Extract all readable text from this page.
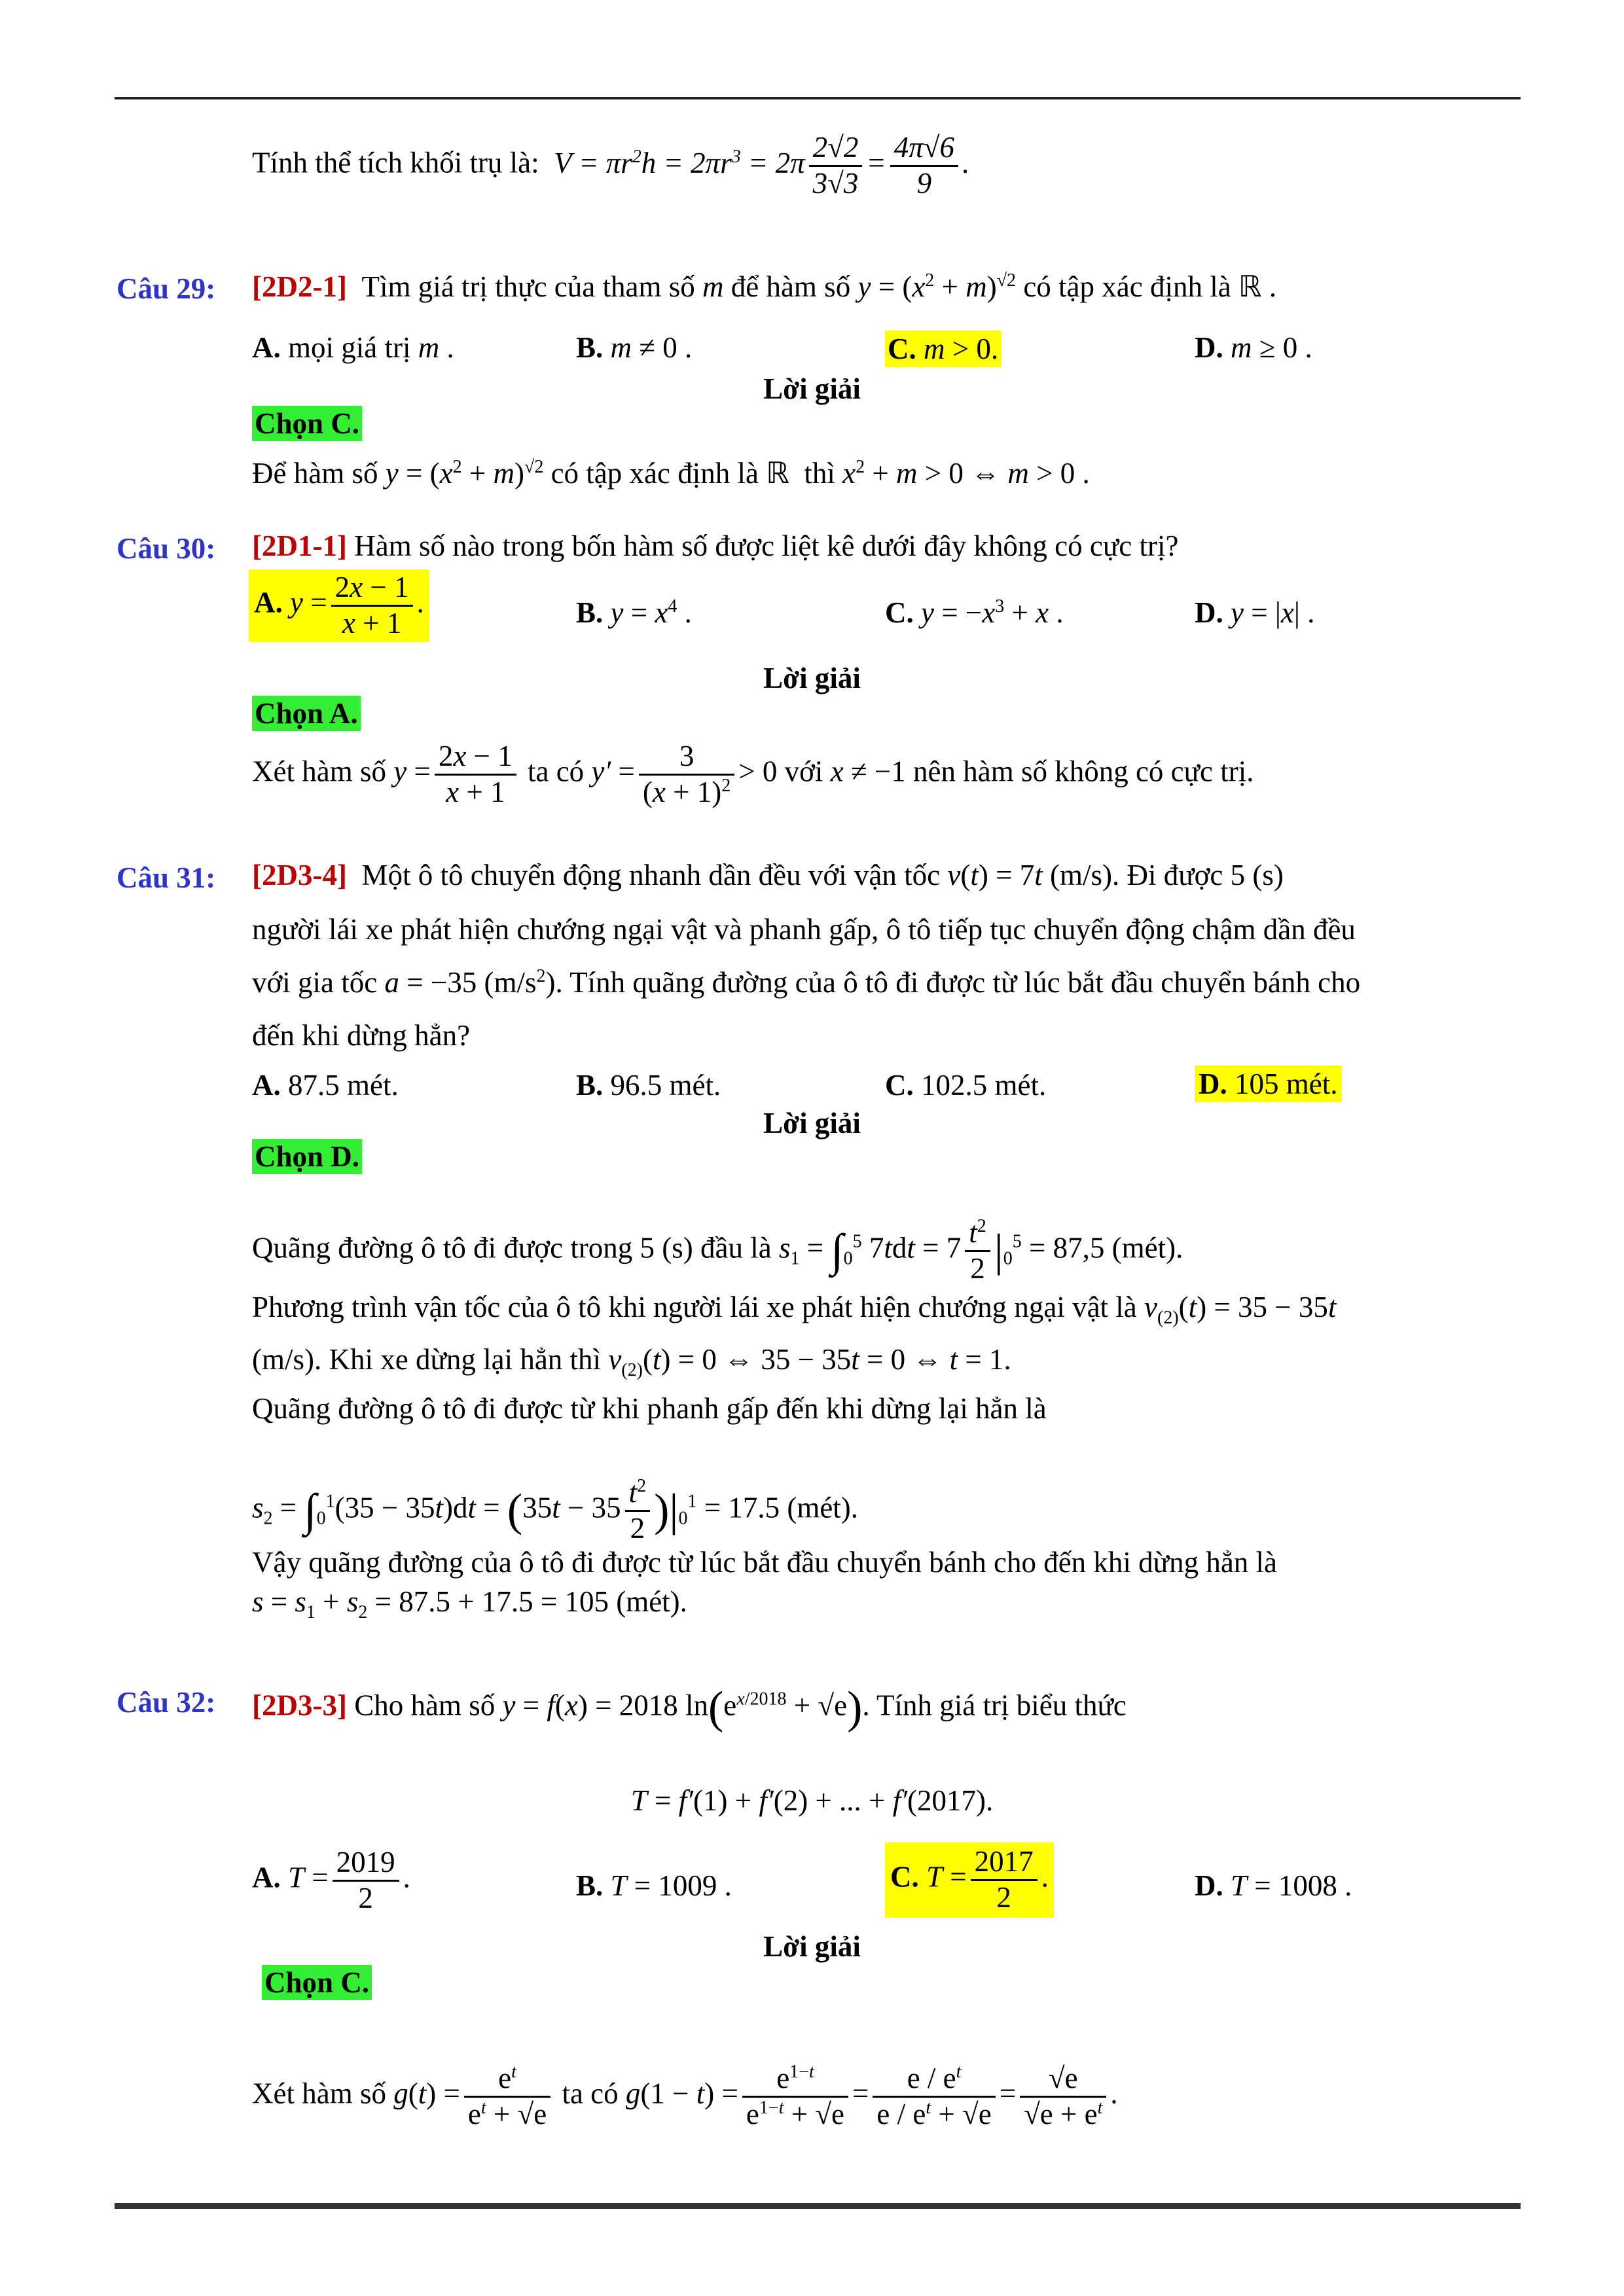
Tính thể tích khối trụ là:  $V = \pi r^2h = 2\pi r^3 = 2\pi \frac{2√2}{3√3} = \frac{4\pi√6}{9}$ .
Câu 29: [2D2-1]  Tìm giá trị thực của tham số m để hàm số $y = (x^2 + m)^{√2}$ có tập xác định là ℝ .
A. mọi giá trị m .	B. m ≠ 0 .	C. m > 0.	D. m ≥ 0 .
Lời giải
Chọn C.
Để hàm số $y = (x^2 + m)^{√2}$ có tập xác định là ℝ  thì $x^2 + m > 0$ ⇔ m > 0 .
Câu 30: [2D1-1] Hàm số nào trong bốn hàm số được liệt kê dưới đây không có cực trị?
A. $y = \frac{2x - 1}{x + 1}$ .	B. $y = x^4$ .	C. $y = -x^3 + x$ .	D. y = |x| .
Lời giải
Chọn A.
Xét hàm số $y = \frac{2x - 1}{x + 1}$ ta có $y' = \frac{3}{(x + 1)^2} > 0$ với x ≠ −1 nên hàm số không có cực trị.
Câu 31: [2D3-4]  Một ô tô chuyển động nhanh dần đều với vận tốc v(t) = 7t (m/s). Đi được 5 (s)
người lái xe phát hiện chướng ngại vật và phanh gấp, ô tô tiếp tục chuyển động chậm dần đều
với gia tốc a = −35 $(m/s^2)$. Tính quãng đường của ô tô đi được từ lúc bắt đầu chuyển bánh cho
đến khi dừng hẳn?
A. 87.5 mét.	B. 96.5 mét.	C. 102.5 mét.	D. 105 mét.
Lời giải
Chọn D.
Quãng đường ô tô đi được trong 5 (s) đầu là $s_1 = \int_0^5$ $7tdt = 7 \frac{t^2}{2} |_0^5 = 87,5$ (mét).
Phương trình vận tốc của ô tô khi người lái xe phát hiện chướng ngại vật là $v_{(2)}(t) = 35 - 35t$
(m/s). Khi xe dừng lại hẳn thì $v_{(2)}(t) = 0$ ⇔ 35 − 35t = 0 ⇔ t = 1.
Quãng đường ô tô đi được từ khi phanh gấp đến khi dừng lại hẳn là
$s_2 = \int_0^1(35 - 35t)dt = (35t - 35 \frac{t^2}{2} )|_0^1 = 17.5$ (mét).
Vậy quãng đường của ô tô đi được từ lúc bắt đầu chuyển bánh cho đến khi dừng hẳn là
$s = s_1 + s_2 = 87.5 + 17.5 = 105$ (mét).
Câu 32: [2D3-3] Cho hàm số y = f(x) = 2018 $\ln(e^{x/2018} + √e)$. Tính giá trị biểu thức
T = f′(1) + f′(2) + ... + f′(2017).
A. $T = \frac{2019}{2}$ .	B. T = 1009 .	C. $T = \frac{2017}{2}$ .	D. T = 1008 .
Lời giải
Chọn C.
Xét hàm số $g(t) = \frac{e^t}{e^t + √e}$ ta có $g(1 - t) = \frac{e^{1-t}}{e^{1-t} + √e} = \frac{e / e^t}{e / e^t + √e} = \frac{√e}{√e + e^t}$ .
